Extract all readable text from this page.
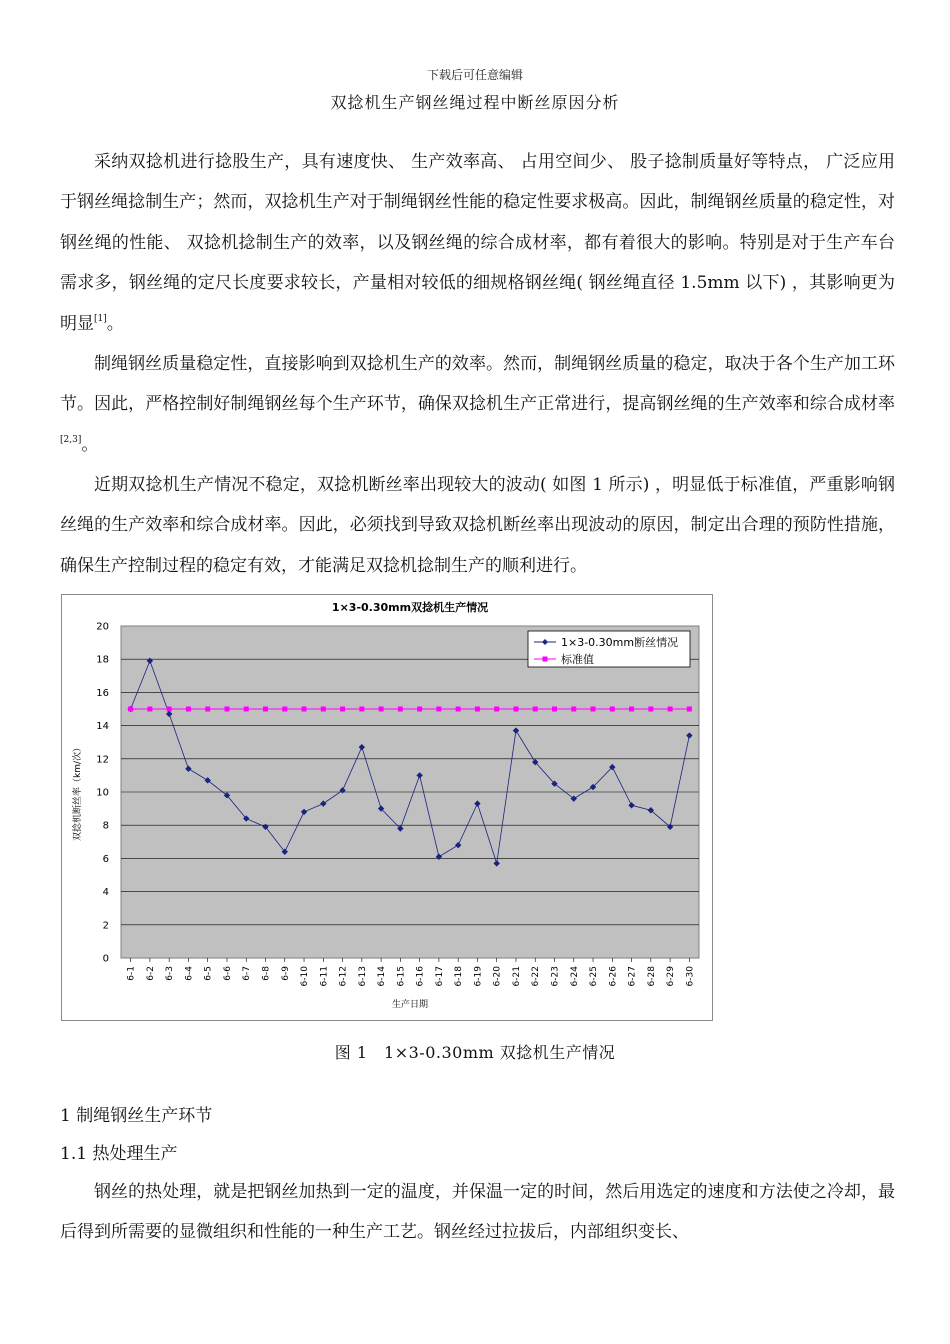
下载后可任意编辑
双捻机生产钢丝绳过程中断丝原因分析

采纳双捻机进行捻股生产，具有速度快、 生产效率高、 占用空间少、 股子捻制质量好等特点， 广泛应用于钢丝绳捻制生产；然而，双捻机生产对于制绳钢丝性能的稳定性要求极高。因此，制绳钢丝质量的稳定性，对钢丝绳的性能、 双捻机捻制生产的效率，以及钢丝绳的综合成材率，都有着很大的影响。特别是对于生产车台需求多，钢丝绳的定尺长度要求较长，产量相对较低的细规格钢丝绳( 钢丝绳直径 1.5mm 以下) ，其影响更为明显[1]。

制绳钢丝质量稳定性，直接影响到双捻机生产的效率。然而，制绳钢丝质量的稳定，取决于各个生产加工环节。因此，严格控制好制绳钢丝每个生产环节，确保双捻机生产正常进行，提高钢丝绳的生产效率和综合成材率[2,3]。

近期双捻机生产情况不稳定，双捻机断丝率出现较大的波动( 如图 1 所示) ，明显低于标准值，严重影响钢丝绳的生产效率和综合成材率。因此，必须找到导致双捻机断丝率出现波动的原因，制定出合理的预防性措施，确保生产控制过程的稳定有效，才能满足双捻机捻制生产的顺利进行。

1×3-0.30mm双捻机生产情况
0
2
4
6
8
10
12
14
16
18
20
6-1 6-2 6-3 6-4 6-5 6-6 6-7 6-8 6-9 6-10 6-11 6-12 6-13 6-14 6-15 6-16 6-17 6-18 6-19 6-20 6-21 6-22 6-23 6-24 6-25 6-26 6-27 6-28 6-29 6-30
生产日期
双捻机断丝率（km/次）
1×3-0.30mm断丝情况
标准值
图 1　1×3-0.30mm 双捻机生产情况

1 制绳钢丝生产环节

1.1 热处理生产

钢丝的热处理，就是把钢丝加热到一定的温度，并保温一定的时间，然后用选定的速度和方法使之冷却，最后得到所需要的显微组织和性能的一种生产工艺。钢丝经过拉拔后，内部组织变长、
